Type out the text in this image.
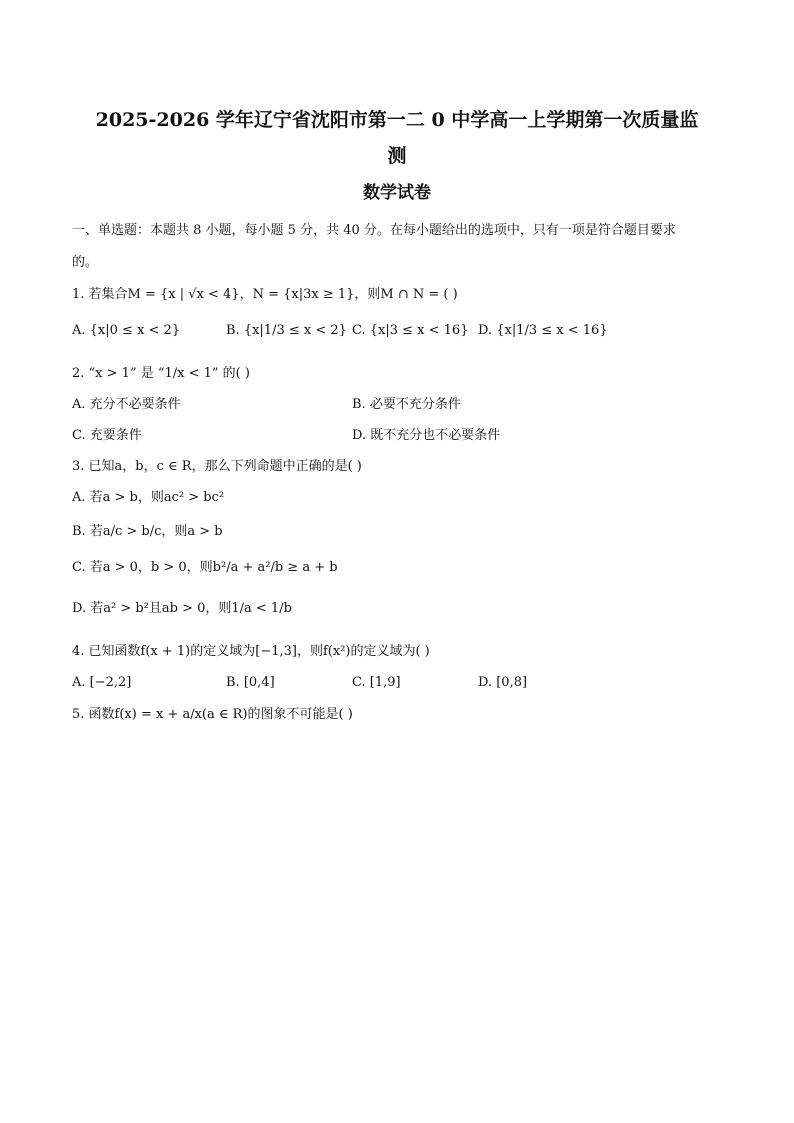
2025-2026 学年辽宁省沈阳市第一二 0 中学高一上学期第一次质量监
测
数学试卷
一、单选题：本题共 8 小题，每小题 5 分，共 40 分。在每小题给出的选项中，只有一项是符合题目要求
的。
1. 若集合M = {x | √x < 4}，N = {x|3x ≥ 1}，则M ∩ N = ( )
A. {x|0 ≤ x < 2}	B. {x|1/3 ≤ x < 2} C. {x|3 ≤ x < 16} D. {x|1/3 ≤ x < 16}
2. “x > 1” 是 “1/x < 1” 的( )
A. 充分不必要条件	B. 必要不充分条件
C. 充要条件	D. 既不充分也不必要条件
3. 已知a，b，c ∈ R，那么下列命题中正确的是( )
A. 若a > b，则ac² > bc²
B. 若a/c > b/c，则a > b
C. 若a > 0，b > 0，则b²/a + a²/b ≥ a + b
D. 若a² > b²且ab > 0，则1/a < 1/b
4. 已知函数f(x + 1)的定义域为[−1,3]，则f(x²)的定义域为( )
A. [−2,2]	B. [0,4]	C. [1,9]	D. [0,8]
5. 函数f(x) = x + a/x(a ∈ R)的图象不可能是( )
